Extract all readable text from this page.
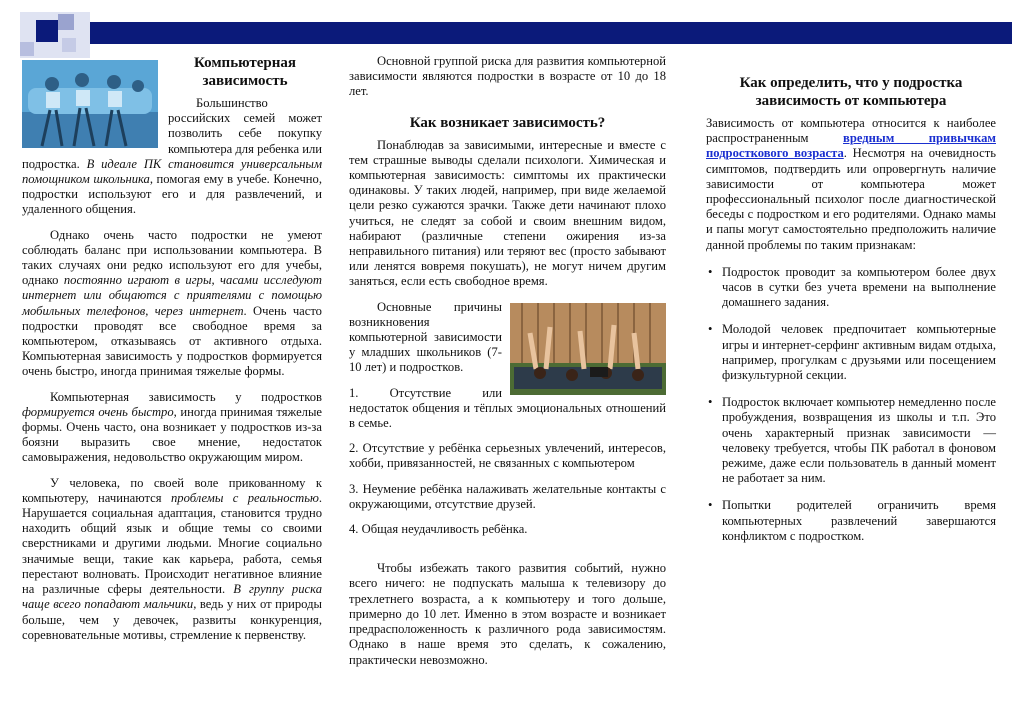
Компьютерная зависимость

Большинство российских семей может позволить себе покупку компьютера для ребенка или подростка. В идеале ПК становится универсальным помощником школьника, помогая ему в учебе. Конечно, подростки используют его и для развлечений, и удаленного общения.

Однако очень часто подростки не умеют соблюдать баланс при использовании компьютера. В таких случаях они редко используют его для учебы, однако постоянно играют в игры, часами исследуют интернет или общаются с приятелями с помощью мобильных телефонов, через интернет. Очень часто подростки проводят все свободное время за компьютером, отказываясь от активного отдыха. Компьютерная зависимость у подростков формируется очень быстро, иногда принимая тяжелые формы.

Компьютерная зависимость у подростков формируется очень быстро, иногда принимая тяжелые формы. Очень часто, она возникает у подростков из-за боязни выразить свое мнение, недостаток самовыражения, недовольство окружающим миром.

У человека, по своей воле прикованному к компьютеру, начинаются проблемы с реальностью. Нарушается социальная адаптация, становится трудно находить общий язык и общие темы со своими сверстниками и другими людьми. Многие социально значимые вещи, такие как карьера, работа, семья перестают волновать. Происходит негативное влияние на различные сферы деятельности. В группу риска чаще всего попадают мальчики, ведь у них от природы больше, чем у девочек, развиты конкуренция, соревновательные мотивы, стремление к первенству.

Основной группой риска для развития компьютерной зависимости являются подростки в возрасте от 10 до 18 лет.

Как возникает зависимость?

Понаблюдав за зависимыми, интересные и вместе с тем страшные выводы сделали психологи. Химическая и компьютерная зависимость: симптомы их практически одинаковы. У таких людей, например, при виде желаемой цели резко сужаются зрачки. Также дети начинают плохо учиться, не следят за собой и своим внешним видом, набирают (различные степени ожирения из-за неправильного питания) или теряют вес (просто забывают или ленятся вовремя покушать), не могут ничем другим заняться, если есть свободное время.

Основные причины возникновения компьютерной зависимости у младших школьников (7-10 лет) и подростков.

1. Отсутствие или недостаток общения и тёплых эмоциональных отношений в семье.

2. Отсутствие у ребёнка серьезных увлечений, интересов, хобби, привязанностей, не связанных с компьютером

3. Неумение ребёнка налаживать желательные контакты с окружающими, отсутствие друзей.

4. Общая неудачливость ребёнка.

Чтобы избежать такого развития событий, нужно всего ничего: не подпускать малыша к телевизору до трехлетнего возраста, а к компьютеру и того дольше, примерно до 10 лет. Именно в этом возрасте и возникает предрасположенность к различного рода зависимостям. Однако в наше время это сделать, к сожалению, практически невозможно.

Как определить, что у подростка зависимость от компьютера

Зависимость от компьютера относится к наиболее распространенным вредным привычкам подросткового возраста. Несмотря на очевидность симптомов, подтвердить или опровергнуть наличие зависимости от компьютера может профессиональный психолог после диагностической беседы с подростком и его родителями. Однако мамы и папы могут самостоятельно предположить наличие данной проблемы по таким признакам:

• Подросток проводит за компьютером более двух часов в сутки без учета времени на выполнение домашнего задания.
• Молодой человек предпочитает компьютерные игры и интернет-серфинг активным видам отдыха, например, прогулкам с друзьями или посещением физкультурной секции.
• Подросток включает компьютер немедленно после пробуждения, возвращения из школы и т.п. Это очень характерный признак зависимости — человеку требуется, чтобы ПК работал в фоновом режиме, даже если пользователь в данный момент не работает за ним.
• Попытки родителей ограничить время компьютерных развлечений завершаются конфликтом с подростком.
